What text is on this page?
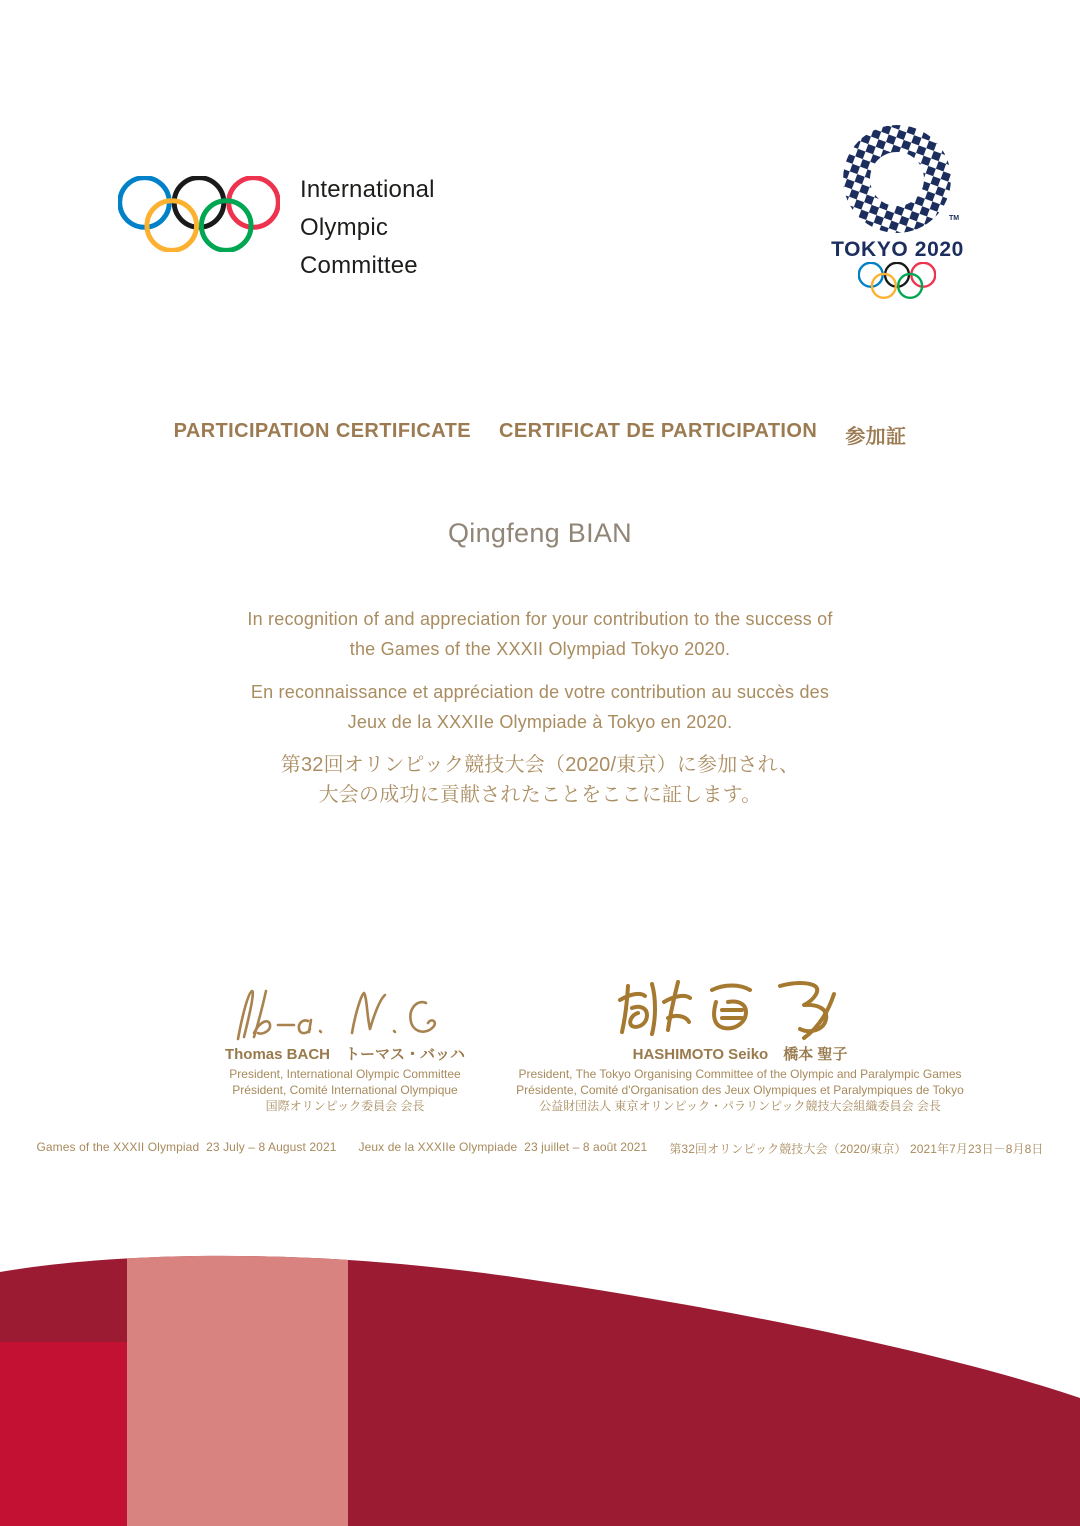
International
Olympic
Committee
TM
TOKYO 2020
PARTICIPATION CERTIFICATE CERTIFICAT DE PARTICIPATION 参加証
Qingfeng BIAN

In recognition of and appreciation for your contribution to the success of
the Games of the XXXII Olympiad Tokyo 2020.

En reconnaissance et appréciation de votre contribution au succès des
Jeux de la XXXIIe Olympiade à Tokyo en 2020.

第32回オリンピック競技大会（2020/東京）に参加され、
大会の成功に貢献されたことをここに証します。

Thomas BACH　トーマス・バッハ	HASHIMOTO Seiko　橋本 聖子
President, International Olympic Committee
Président, Comité International Olympique
国際オリンピック委員会 会長
President, The Tokyo Organising Committee of the Olympic and Paralympic Games
Présidente, Comité d'Organisation des Jeux Olympiques et Paralympiques de Tokyo
公益財団法人 東京オリンピック・パラリンピック競技大会組織委員会 会長
Games of the XXXII Olympiad  23 July – 8 August 2021 Jeux de la XXXIIe Olympiade  23 juillet – 8 août 2021 第32回オリンピック競技大会（2020/東京） 2021年7月23日－8月8日
